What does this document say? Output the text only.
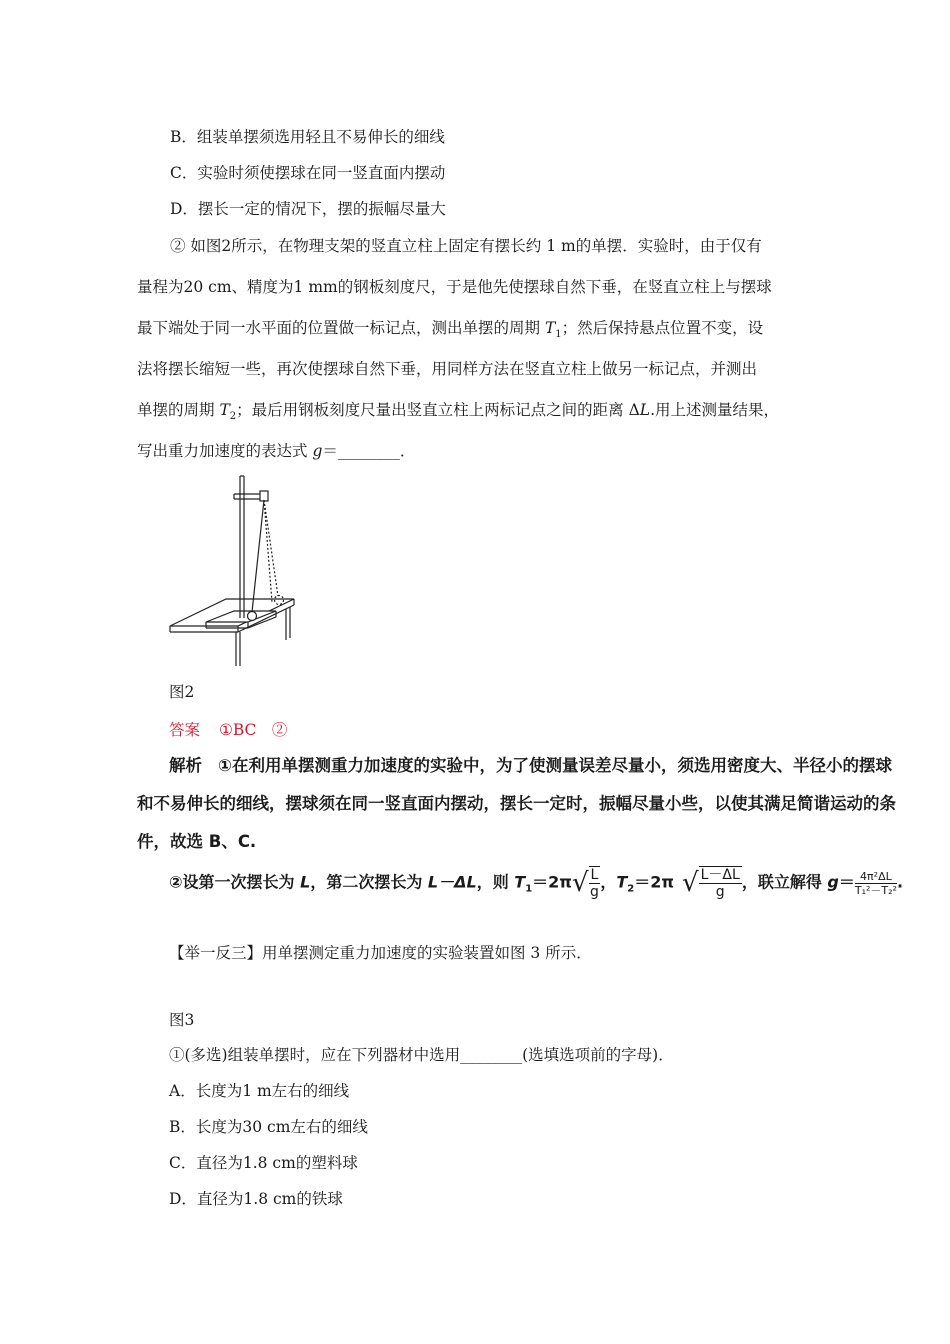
B．组装单摆须选用轻且不易伸长的细线
C．实验时须使摆球在同一竖直面内摆动
D．摆长一定的情况下，摆的振幅尽量大
② 如图2所示，在物理支架的竖直立柱上固定有摆长约 1 m的单摆．实验时，由于仅有
量程为20 cm、精度为1 mm的钢板刻度尺，于是他先使摆球自然下垂，在竖直立柱上与摆球
最下端处于同一水平面的位置做一标记点，测出单摆的周期 $T_1$；然后保持悬点位置不变，设
法将摆长缩短一些，再次使摆球自然下垂，用同样方法在竖直立柱上做另一标记点，并测出
单摆的周期 $T_2$；最后用钢板刻度尺量出竖直立柱上两标记点之间的距离 ΔL.用上述测量结果，
写出重力加速度的表达式 g＝________．
图2
答案 ①BC　②
解析 ①在利用单摆测重力加速度的实验中，为了使测量误差尽量小，须选用密度大、半径小的摆球
和不易伸长的细线，摆球须在同一竖直面内摆动，摆长一定时，振幅尽量小些，以使其满足简谐运动的条
件，故选 B、C.
②设第一次摆长为 L，第二次摆长为 L－ΔL，则 $T_1=2\pi√ \frac{L}{g}$ ，$T_2=2\pi$ √ $\frac{L-\Delta L}{g}$ ，联立解得 $g= \frac{\text{4π²ΔL}}{\text{T₁²－T₂²}}$ .
【举一反三】用单摆测定重力加速度的实验装置如图 3 所示．
图3
①(多选)组装单摆时，应在下列器材中选用________(选填选项前的字母)．
A．长度为1 m左右的细线
B．长度为30 cm左右的细线
C．直径为1.8 cm的塑料球
D．直径为1.8 cm的铁球
